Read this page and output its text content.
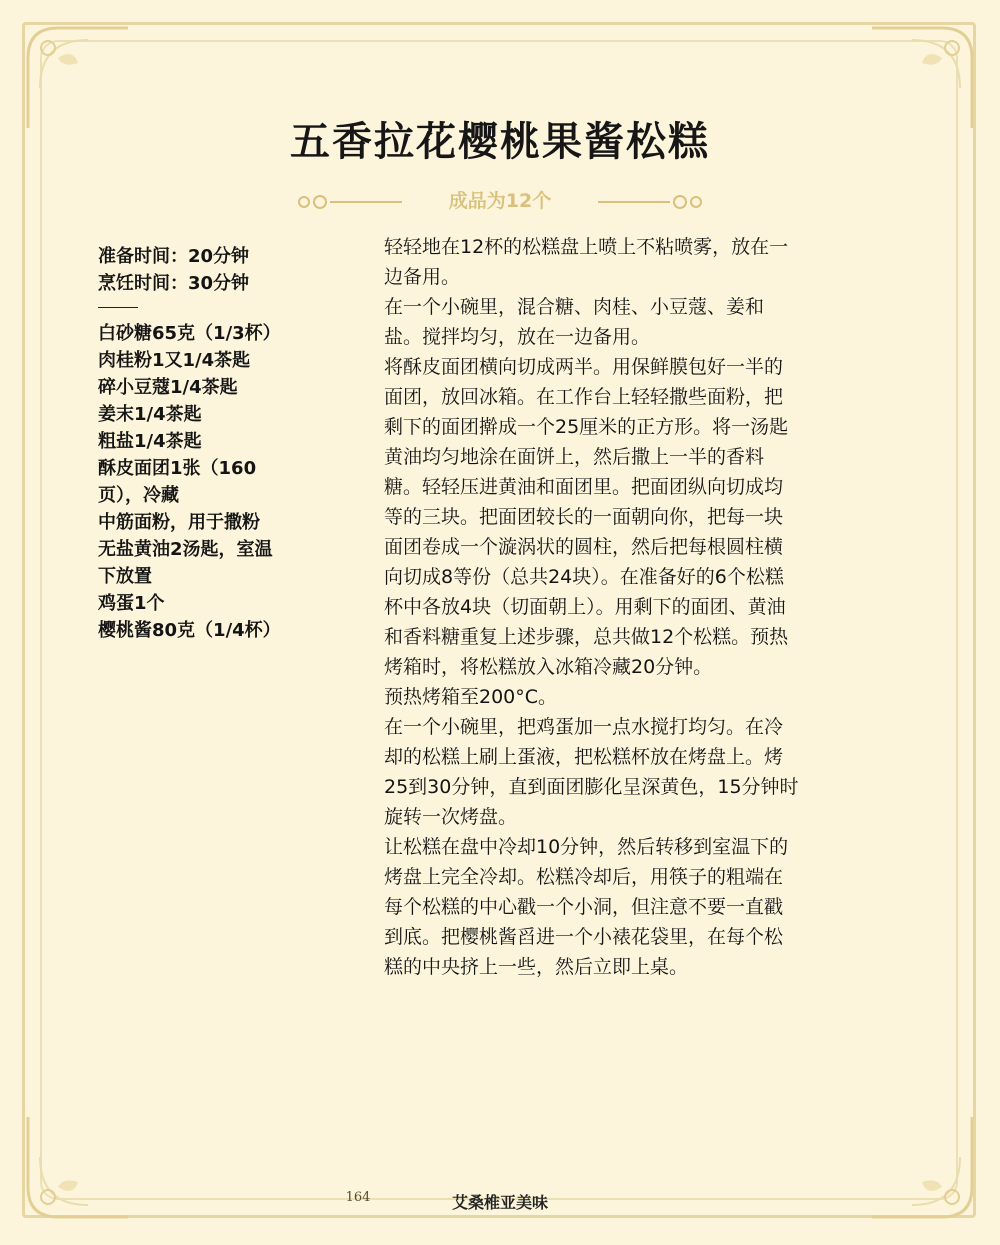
五香拉花樱桃果酱松糕
成品为12个
准备时间：20分钟
烹饪时间：30分钟
白砂糖65克（1/3杯）
肉桂粉1又1/4茶匙
碎小豆蔻1/4茶匙
姜末1/4茶匙
粗盐1/4茶匙
酥皮面团1张（160
页），冷藏
中筋面粉，用于撒粉
无盐黄油2汤匙，室温
下放置
鸡蛋1个
樱桃酱80克（1/4杯）

轻轻地在12杯的松糕盘上喷上不粘喷雾，放在一
边备用。

在一个小碗里，混合糖、肉桂、小豆蔻、姜和
盐。搅拌均匀，放在一边备用。

将酥皮面团横向切成两半。用保鲜膜包好一半的
面团，放回冰箱。在工作台上轻轻撒些面粉，把
剩下的面团擀成一个25厘米的正方形。将一汤匙
黄油均匀地涂在面饼上，然后撒上一半的香料
糖。轻轻压进黄油和面团里。把面团纵向切成均
等的三块。把面团较长的一面朝向你，把每一块
面团卷成一个漩涡状的圆柱，然后把每根圆柱横
向切成8等份（总共24块）。在准备好的6个松糕
杯中各放4块（切面朝上）。用剩下的面团、黄油
和香料糖重复上述步骤，总共做12个松糕。预热
烤箱时，将松糕放入冰箱冷藏20分钟。

预热烤箱至200°C。

在一个小碗里，把鸡蛋加一点水搅打均匀。在冷
却的松糕上刷上蛋液，把松糕杯放在烤盘上。烤
25到30分钟，直到面团膨化呈深黄色，15分钟时
旋转一次烤盘。

让松糕在盘中冷却10分钟，然后转移到室温下的
烤盘上完全冷却。松糕冷却后，用筷子的粗端在
每个松糕的中心戳一个小洞，但注意不要一直戳
到底。把樱桃酱舀进一个小裱花袋里，在每个松
糕的中央挤上一些，然后立即上桌。

164	艾桑椎亚美味
